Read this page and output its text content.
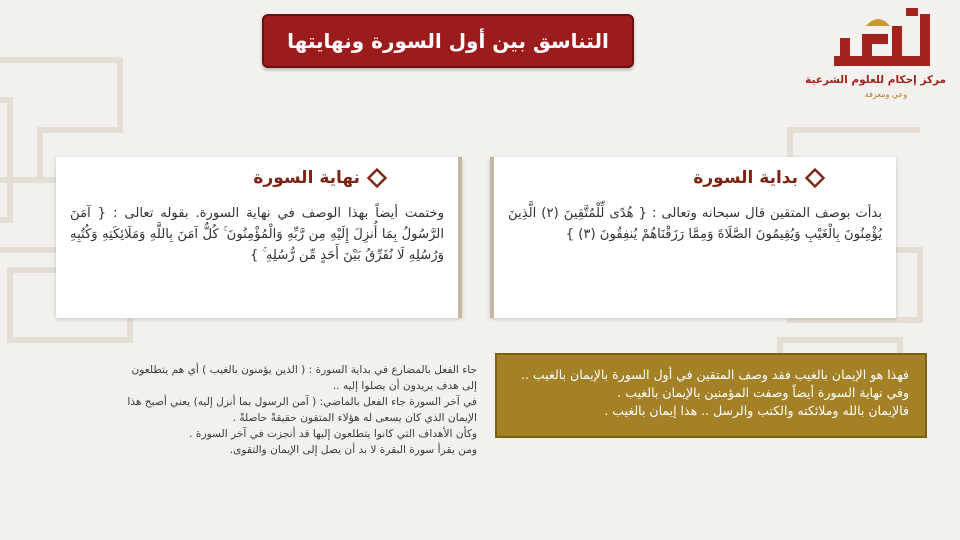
التناسق بين أول السورة ونهايتها
مركز إحكام للعلوم الشرعية
وعي ومعرفة
بداية السورة
بدأت بوصف المتقين قال سبحانه وتعالى : { هُدًى لِّلْمُتَّقِينَ (٢) الَّذِينَ يُؤْمِنُونَ بِالْغَيْبِ وَيُقِيمُونَ الصَّلَاةَ وَمِمَّا رَزَقْنَاهُمْ يُنفِقُونَ (٣) }
نهاية السورة
وختمت أيضاً بهذا الوصف في نهاية السورة. بقوله تعالى : { آمَنَ الرَّسُولُ بِمَا أُنزِلَ إِلَيْهِ مِن رَّبِّهِ وَالْمُؤْمِنُونَ ۚ كُلٌّ آمَنَ بِاللَّهِ وَمَلَائِكَتِهِ وَكُتُبِهِ وَرُسُلِهِ لَا نُفَرِّقُ بَيْنَ أَحَدٍ مِّن رُّسُلِهِ ۚ }
جاء الفعل بالمضارع في بداية السورة : ( الذين يؤمنون بالغيب ) أي هم يتطلعون
إلى هدف يريدون أن يصلوا إليه ..
في آخر السورة جاء الفعل بالماضي: ( آمن الرسول بما أنزل إليه) يعني أصبح هذا
الإيمان الذي كان يسعى له هؤلاء المتقون حقيقةً حاصلةً .
وكأن الأهداف التي كانوا يتطلعون إليها قد أنجزت في آخر السورة .
ومن يقرأ سورة البقرة لا بد أن يصل إلى الإيمان والتقوى.
فهذا هو الإيمان بالغيب فقد وصف المتقين في أول السورة بالإيمان بالغيب ..
وفي نهاية السورة أيضاً وصفت المؤمنين بالإيمان بالغيب .
فالإيمان بالله وملائكته والكتب والرسل .. هذا إيمان بالغيب .
